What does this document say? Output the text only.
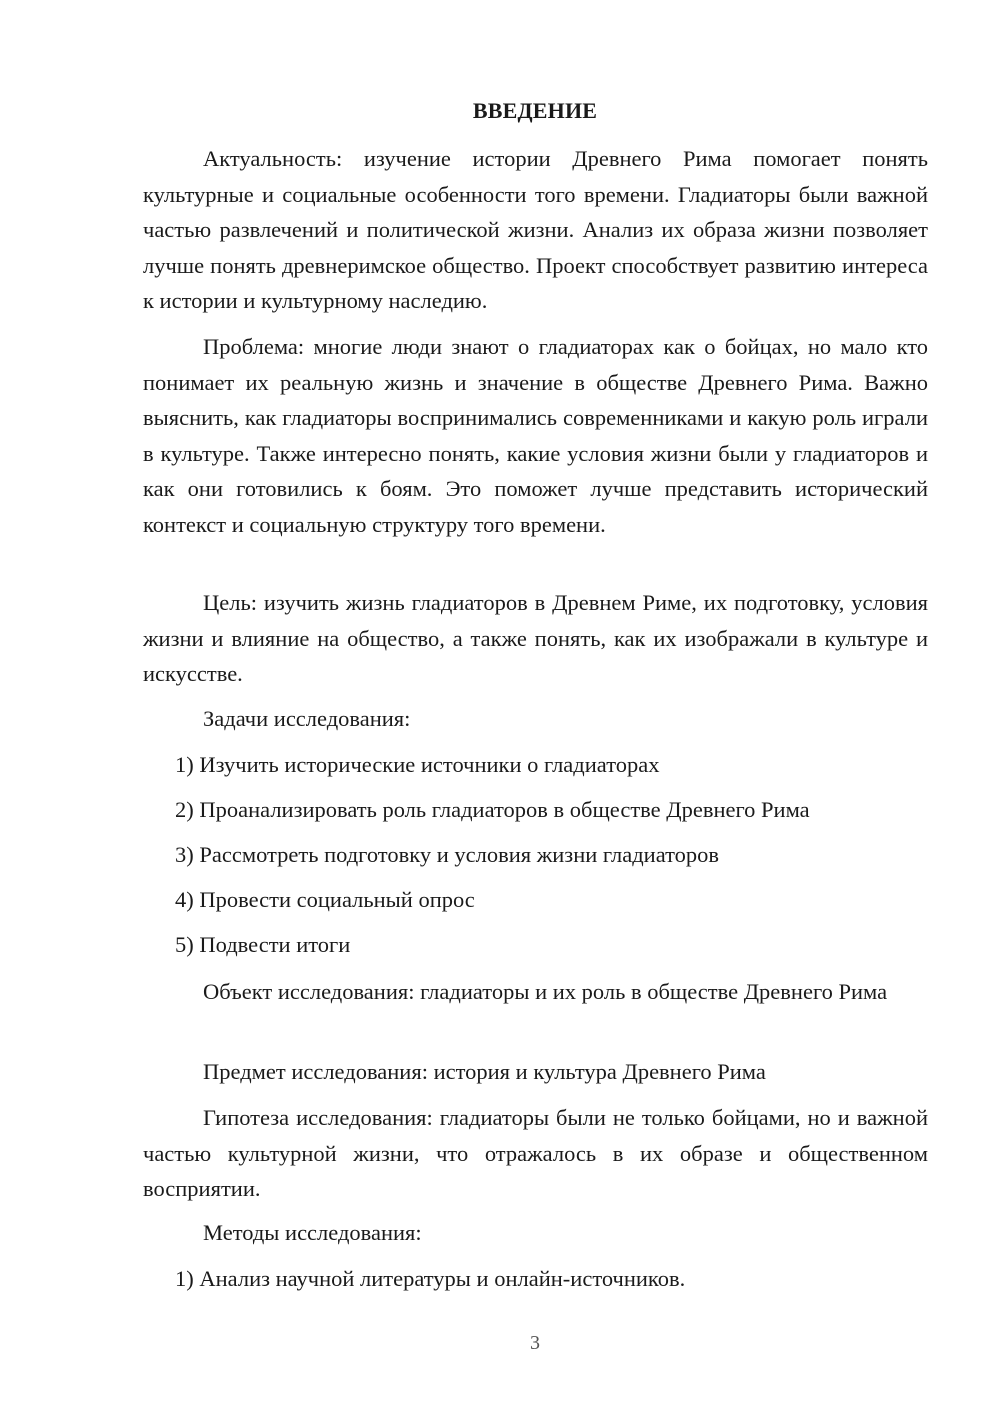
ВВЕДЕНИЕ

Актуальность: изучение истории Древнего Рима помогает понять культурные и социальные особенности того времени. Гладиаторы были важной частью развлечений и политической жизни. Анализ их образа жизни позволяет лучше понять древнеримское общество. Проект способствует развитию интереса к истории и культурному наследию.

Проблема: многие люди знают о гладиаторах как о бойцах, но мало кто понимает их реальную жизнь и значение в обществе Древнего Рима. Важно выяснить, как гладиаторы воспринимались современниками и какую роль играли в культуре. Также интересно понять, какие условия жизни были у гладиаторов и как они готовились к боям. Это поможет лучше представить исторический контекст и социальную структуру того времени.

Цель: изучить жизнь гладиаторов в Древнем Риме, их подготовку, условия жизни и влияние на общество, а также понять, как их изображали в культуре и искусстве.

Задачи исследования:
1) Изучить исторические источники о гладиаторах
2) Проанализировать роль гладиаторов в обществе Древнего Рима
3) Рассмотреть подготовку и условия жизни гладиаторов
4) Провести социальный опрос
5) Подвести итоги

Объект исследования: гладиаторы и их роль в обществе Древнего Рима

Предмет исследования: история и культура Древнего Рима

Гипотеза исследования: гладиаторы были не только бойцами, но и важной частью культурной жизни, что отражалось в их образе и общественном восприятии.

Методы исследования:
1) Анализ научной литературы и онлайн-источников.
3
